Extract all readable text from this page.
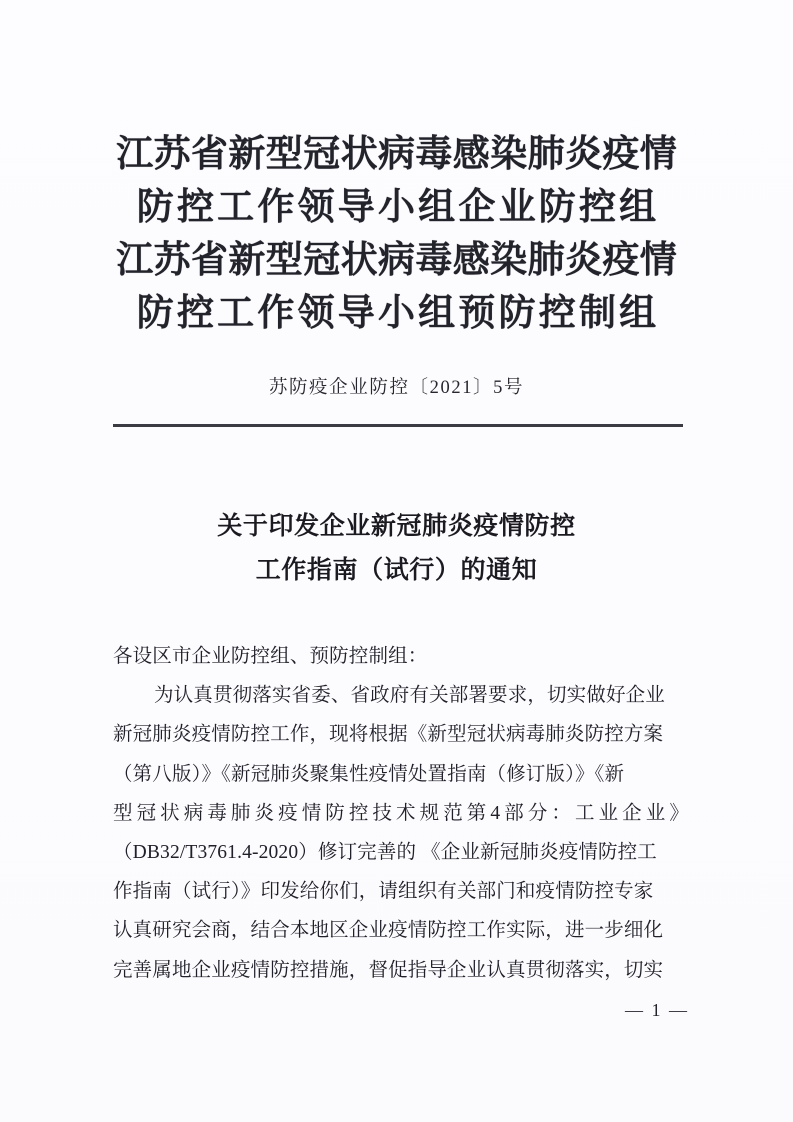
江苏省新型冠状病毒感染肺炎疫情
防控工作领导小组企业防控组
江苏省新型冠状病毒感染肺炎疫情
防控工作领导小组预防控制组
苏防疫企业防控〔2021〕5号
关于印发企业新冠肺炎疫情防控
工作指南（试行）的通知
各设区市企业防控组、预防控制组：
为认真贯彻落实省委、省政府有关部署要求，切实做好企业
新冠肺炎疫情防控工作，现将根据《新型冠状病毒肺炎防控方案
（第八版）》《新冠肺炎聚集性疫情处置指南（修订版）》《新
型冠状病毒肺炎疫情防控技术规范第4部分：工业企业》
（DB32/T3761.4-2020）修订完善的 《企业新冠肺炎疫情防控工
作指南（试行）》印发给你们，请组织有关部门和疫情防控专家
认真研究会商，结合本地区企业疫情防控工作实际，进一步细化
完善属地企业疫情防控措施，督促指导企业认真贯彻落实，切实
— 1 —
